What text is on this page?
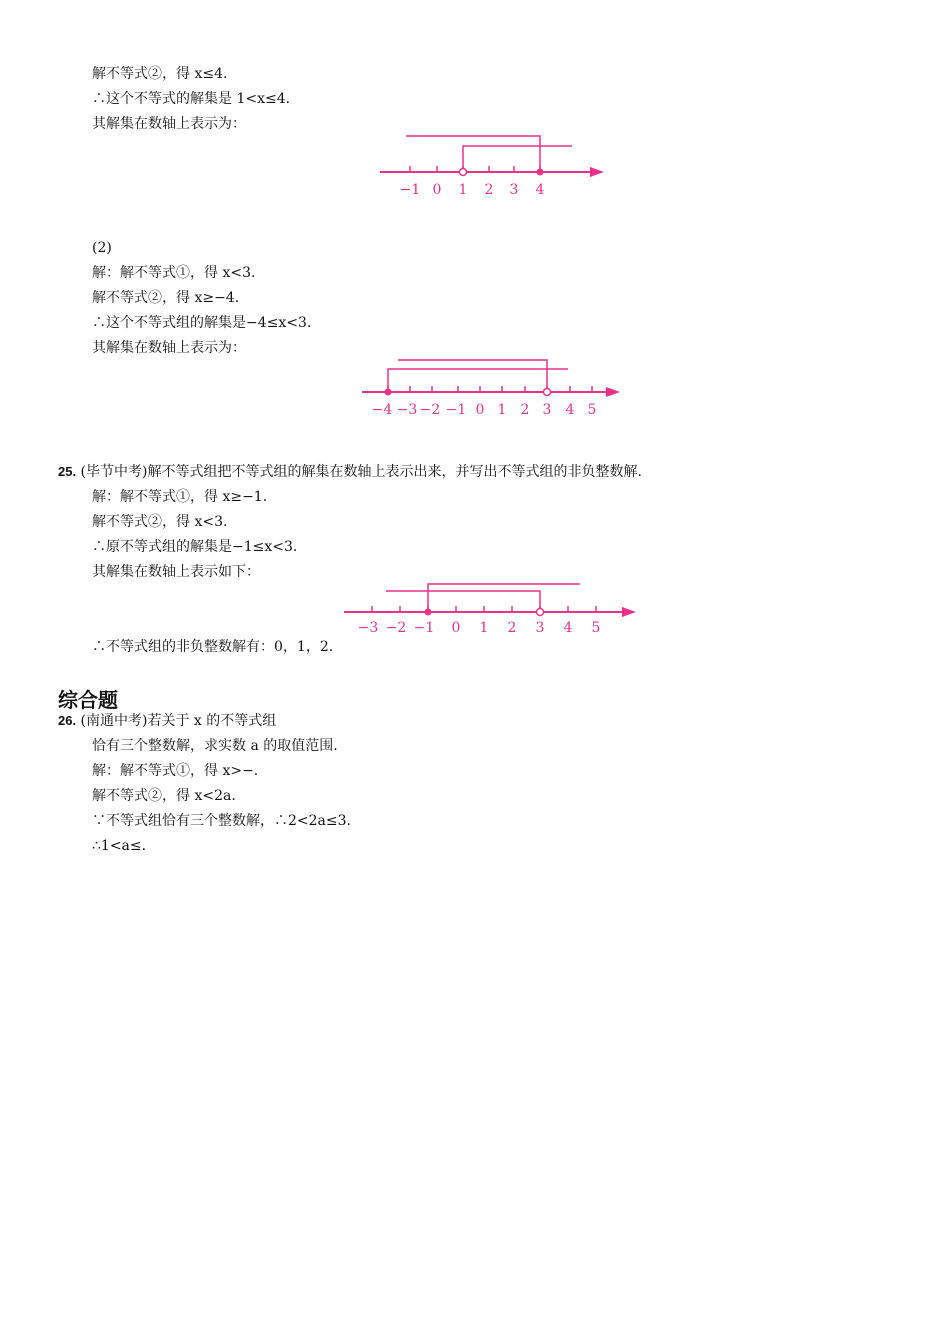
解不等式②，得 x≤4.
∴这个不等式的解集是 1<x≤4.
其解集在数轴上表示为：
−1 0 1 2 3 4
(2)
解：解不等式①，得 x<3.
解不等式②，得 x≥−4.
∴这个不等式组的解集是−4≤x<3.
其解集在数轴上表示为：
−4 −3 −2 −1 0 1 2 3 4 5
25. (毕节中考)解不等式组把不等式组的解集在数轴上表示出来，并写出不等式组的非负整数解.
解：解不等式①，得 x≥−1.
解不等式②，得 x<3.
∴原不等式组的解集是−1≤x<3.
其解集在数轴上表示如下：
−3 −2 −1 0 1 2 3 4 5
∴不等式组的非负整数解有：0，1，2.
综合题
26. (南通中考)若关于 x 的不等式组
恰有三个整数解，求实数 a 的取值范围.
解：解不等式①，得 x>−.
解不等式②，得 x<2a.
∵不等式组恰有三个整数解，∴2<2a≤3.
∴1<a≤.
